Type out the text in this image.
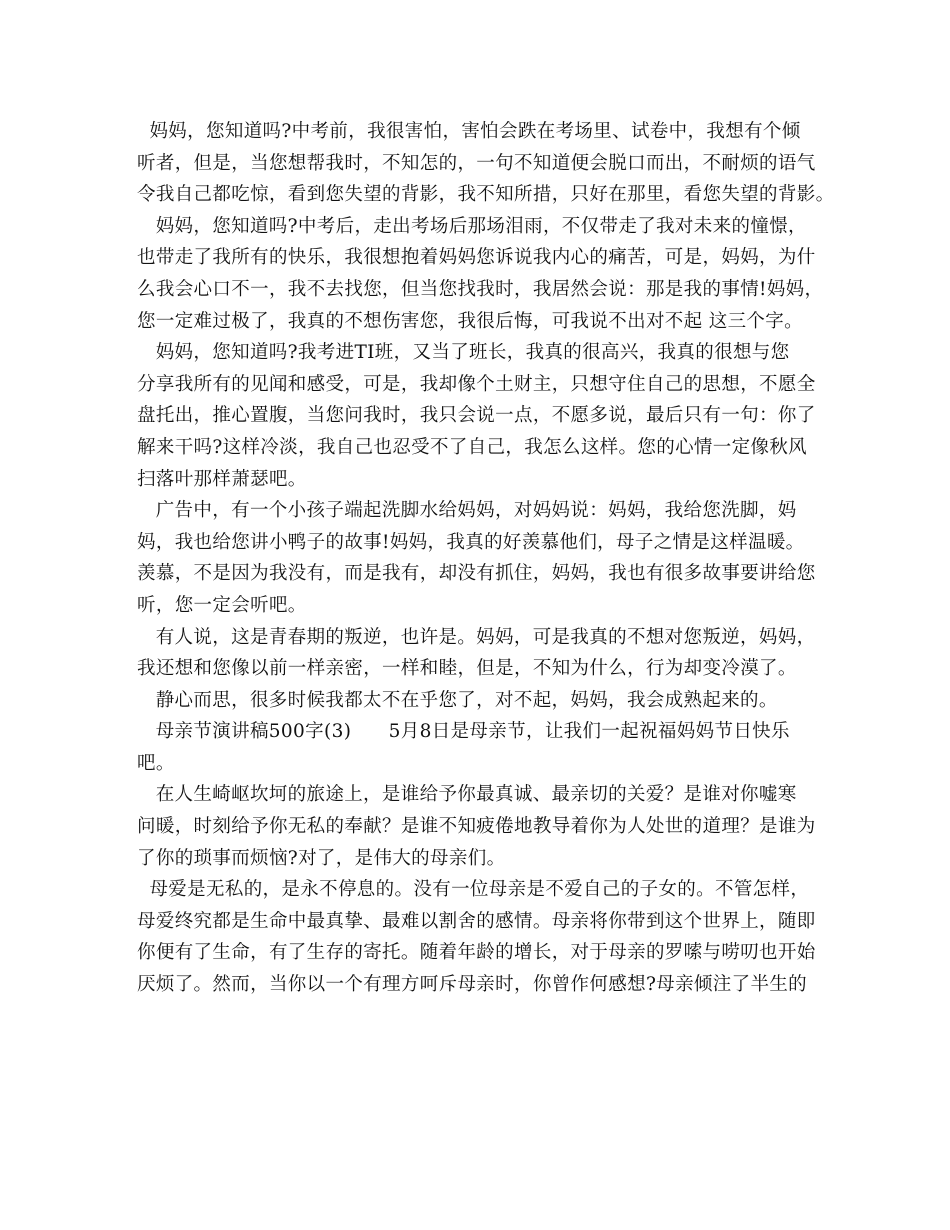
妈妈，您知道吗?中考前，我很害怕，害怕会跌在考场里、试卷中，我想有个倾
听者，但是，当您想帮我时，不知怎的，一句不知道便会脱口而出，不耐烦的语气
令我自己都吃惊，看到您失望的背影，我不知所措，只好在那里，看您失望的背影。
妈妈，您知道吗?中考后，走出考场后那场泪雨，不仅带走了我对未来的憧憬，
也带走了我所有的快乐，我很想抱着妈妈您诉说我内心的痛苦，可是，妈妈，为什
么我会心口不一，我不去找您，但当您找我时，我居然会说：那是我的事情!妈妈，
您一定难过极了，我真的不想伤害您，我很后悔，可我说不出对不起 这三个字。
妈妈，您知道吗?我考进TI班，又当了班长，我真的很高兴，我真的很想与您
分享我所有的见闻和感受，可是，我却像个土财主，只想守住自己的思想，不愿全
盘托出，推心置腹，当您问我时，我只会说一点，不愿多说，最后只有一句：你了
解来干吗?这样冷淡，我自己也忍受不了自己，我怎么这样。您的心情一定像秋风
扫落叶那样萧瑟吧。
广告中，有一个小孩子端起洗脚水给妈妈，对妈妈说：妈妈，我给您洗脚，妈
妈，我也给您讲小鸭子的故事!妈妈，我真的好羡慕他们，母子之情是这样温暖。
羡慕，不是因为我没有，而是我有，却没有抓住，妈妈，我也有很多故事要讲给您
听，您一定会听吧。
有人说，这是青春期的叛逆，也许是。妈妈，可是我真的不想对您叛逆，妈妈，
我还想和您像以前一样亲密，一样和睦，但是，不知为什么，行为却变冷漠了。
静心而思，很多时候我都太不在乎您了，对不起，妈妈，我会成熟起来的。
母亲节演讲稿500字(3)      5月8日是母亲节，让我们一起祝福妈妈节日快乐
吧。
在人生崎岖坎坷的旅途上，是谁给予你最真诚、最亲切的关爱？是谁对你嘘寒
问暖，时刻给予你无私的奉献？是谁不知疲倦地教导着你为人处世的道理？是谁为
了你的琐事而烦恼?对了，是伟大的母亲们。
母爱是无私的，是永不停息的。没有一位母亲是不爱自己的子女的。不管怎样，
母爱终究都是生命中最真挚、最难以割舍的感情。母亲将你带到这个世界上，随即
你便有了生命，有了生存的寄托。随着年龄的增长，对于母亲的罗嗦与唠叨也开始
厌烦了。然而，当你以一个有理方呵斥母亲时，你曾作何感想?母亲倾注了半生的
